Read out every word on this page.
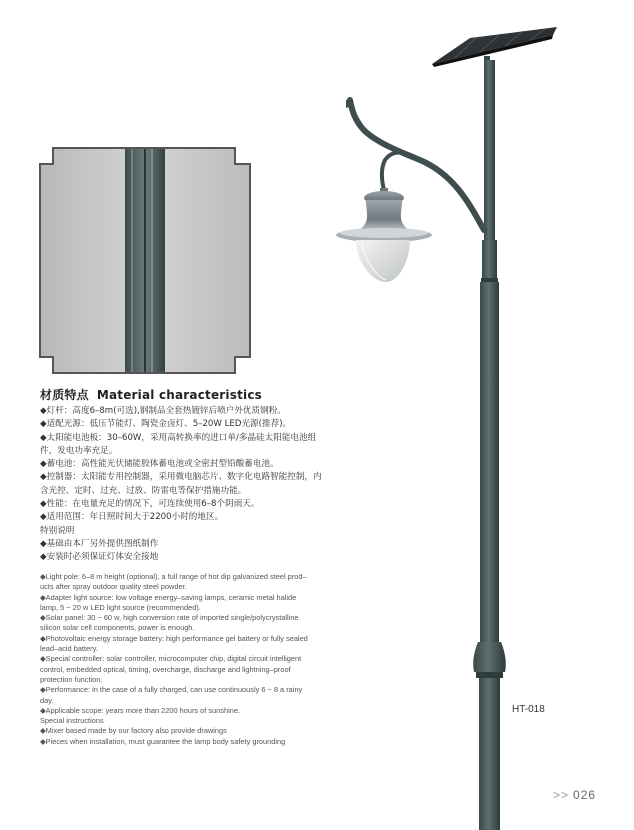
材质特点 Material characteristics
◆灯杆：高度6–8m(可选),钢制品全套热镀锌后喷户外优质钢粉。
◆适配光源：低压节能灯、陶瓷金卤灯、5–20W LED光源(推荐)。
◆太阳能电池板：30–60W，采用高转换率的进口单/多晶硅太阳能电池组
件，发电功率充足。
◆蓄电池：高性能光伏储能胶体蓄电池或全密封型铅酸蓄电池。
◆控制器：太阳能专用控制器，采用微电脑芯片、数字化电路智能控制，内
含光控、定时、过充、过放、防雷电等保护措施功能。
◆性能：在电量充足的情况下，可连续使用6–8个阴雨天。
◆适用范围：年日照时间大于2200小时的地区。
特别说明
◆基础由本厂另外提供图纸制作
◆安装时必须保证灯体安全接地
◆Light pole: 6–8 m height (optional), a full range of hot dip galvanized steel prod–
ucts after spray outdoor quality steel powder.
◆Adapter light source: low voltage energy–saving lamps, ceramic metal halide
lamp, 5 ~ 20 w LED light source (recommended).
◆Solar panel: 30 ~ 60 w, high conversion rate of imported single/polycrystalline
silicon solar cell components, power is enough.
◆Photovoltaic energy storage battery: high performance gel battery or fully sealed
lead–acid battery.
◆Special controller: solar controller, microcomputer chip, digital circuit intelligent
control, embedded optical, timing, overcharge, discharge and lightning–proof
protection function.
◆Performance: in the case of a fully charged, can use continuously 6 ~ 8 a rainy
day.
◆Applicable scope: years more than 2200 hours of sunshine.
Special instructions
◆Mixer based made by our factory also provide drawings
◆Pieces when installation, must guarantee the lamp body safety grounding
HT-018
>> 026
